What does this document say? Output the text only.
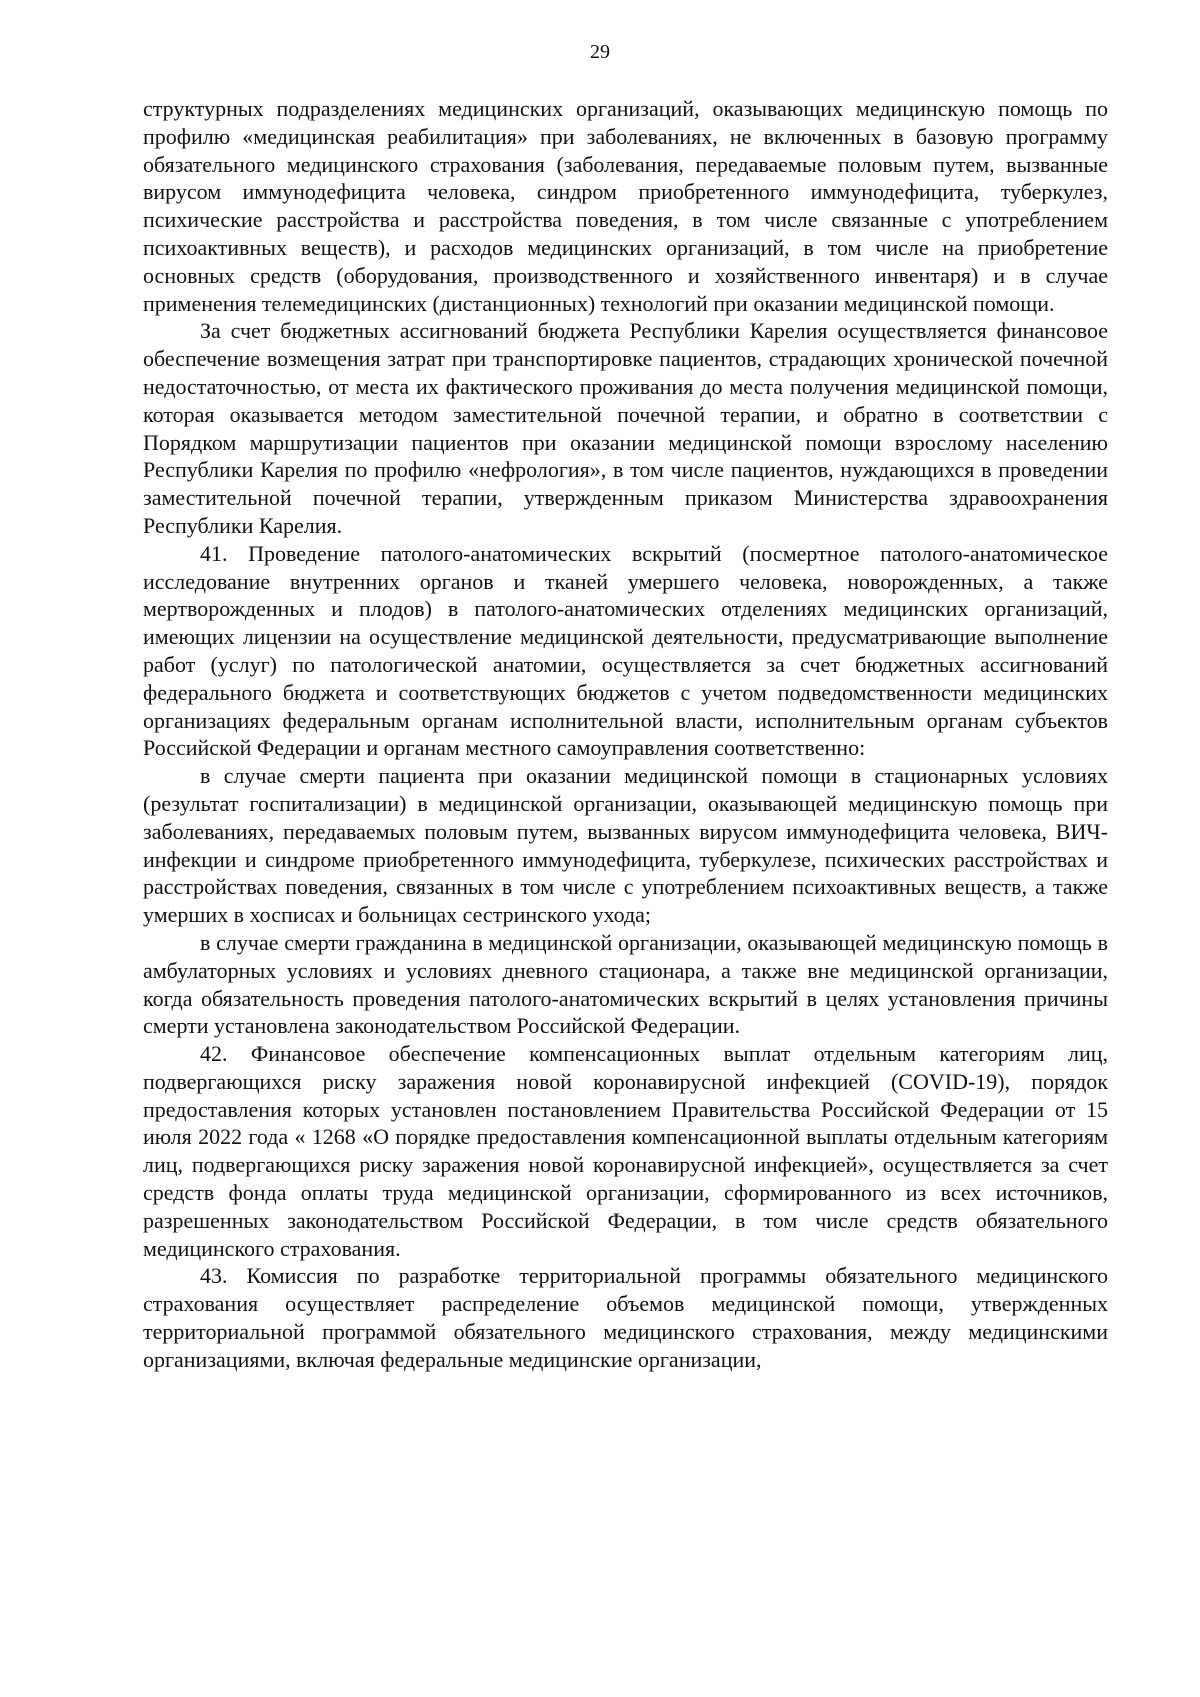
29

структурных подразделениях медицинских организаций, оказывающих медицинскую помощь по профилю «медицинская реабилитация» при заболеваниях, не включенных в базовую программу обязательного медицинского страхования (заболевания, передаваемые половым путем, вызванные вирусом иммунодефицита человека, синдром приобретенного иммунодефицита, туберкулез, психические расстройства и расстройства поведения, в том числе связанные с употреблением психоактивных веществ), и расходов медицинских организаций, в том числе на приобретение основных средств (оборудования, производственного и хозяйственного инвентаря) и в случае применения телемедицинских (дистанционных) технологий при оказании медицинской помощи.

За счет бюджетных ассигнований бюджета Республики Карелия осуществляется финансовое обеспечение возмещения затрат при транспортировке пациентов, страдающих хронической почечной недостаточностью, от места их фактического проживания до места получения медицинской помощи, которая оказывается методом заместительной почечной терапии, и обратно в соответствии с Порядком маршрутизации пациентов при оказании медицинской помощи взрослому населению Республики Карелия по профилю «нефрология», в том числе пациентов, нуждающихся в проведении заместительной почечной терапии, утвержденным приказом Министерства здравоохранения Республики Карелия.

41. Проведение патолого-анатомических вскрытий (посмертное патолого-анатомическое исследование внутренних органов и тканей умершего человека, новорожденных, а также мертворожденных и плодов) в патолого-анатомических отделениях медицинских организаций, имеющих лицензии на осуществление медицинской деятельности, предусматривающие выполнение работ (услуг) по патологической анатомии, осуществляется за счет бюджетных ассигнований федерального бюджета и соответствующих бюджетов с учетом подведомственности медицинских организациях федеральным органам исполнительной власти, исполнительным органам субъектов Российской Федерации и органам местного самоуправления соответственно:

в случае смерти пациента при оказании медицинской помощи в стационарных условиях (результат госпитализации) в медицинской организации, оказывающей медицинскую помощь при заболеваниях, передаваемых половым путем, вызванных вирусом иммунодефицита человека, ВИЧ-инфекции и синдроме приобретенного иммунодефицита, туберкулезе, психических расстройствах и расстройствах поведения, связанных в том числе с употреблением психоактивных веществ, а также умерших в хосписах и больницах сестринского ухода;

в случае смерти гражданина в медицинской организации, оказывающей медицинскую помощь в амбулаторных условиях и условиях дневного стационара, а также вне медицинской организации, когда обязательность проведения патолого-анатомических вскрытий в целях установления причины смерти установлена законодательством Российской Федерации.

42. Финансовое обеспечение компенсационных выплат отдельным категориям лиц, подвергающихся риску заражения новой коронавирусной инфекцией (COVID-19), порядок предоставления которых установлен постановлением Правительства Российской Федерации от 15 июля 2022 года « 1268 «О порядке предоставления компенсационной выплаты отдельным категориям лиц, подвергающихся риску заражения новой коронавирусной инфекцией», осуществляется за счет средств фонда оплаты труда медицинской организации, сформированного из всех источников, разрешенных законодательством Российской Федерации, в том числе средств обязательного медицинского страхования.

43. Комиссия по разработке территориальной программы обязательного медицинского страхования осуществляет распределение объемов медицинской помощи, утвержденных территориальной программой обязательного медицинского страхования, между медицинскими организациями, включая федеральные медицинские организации,
